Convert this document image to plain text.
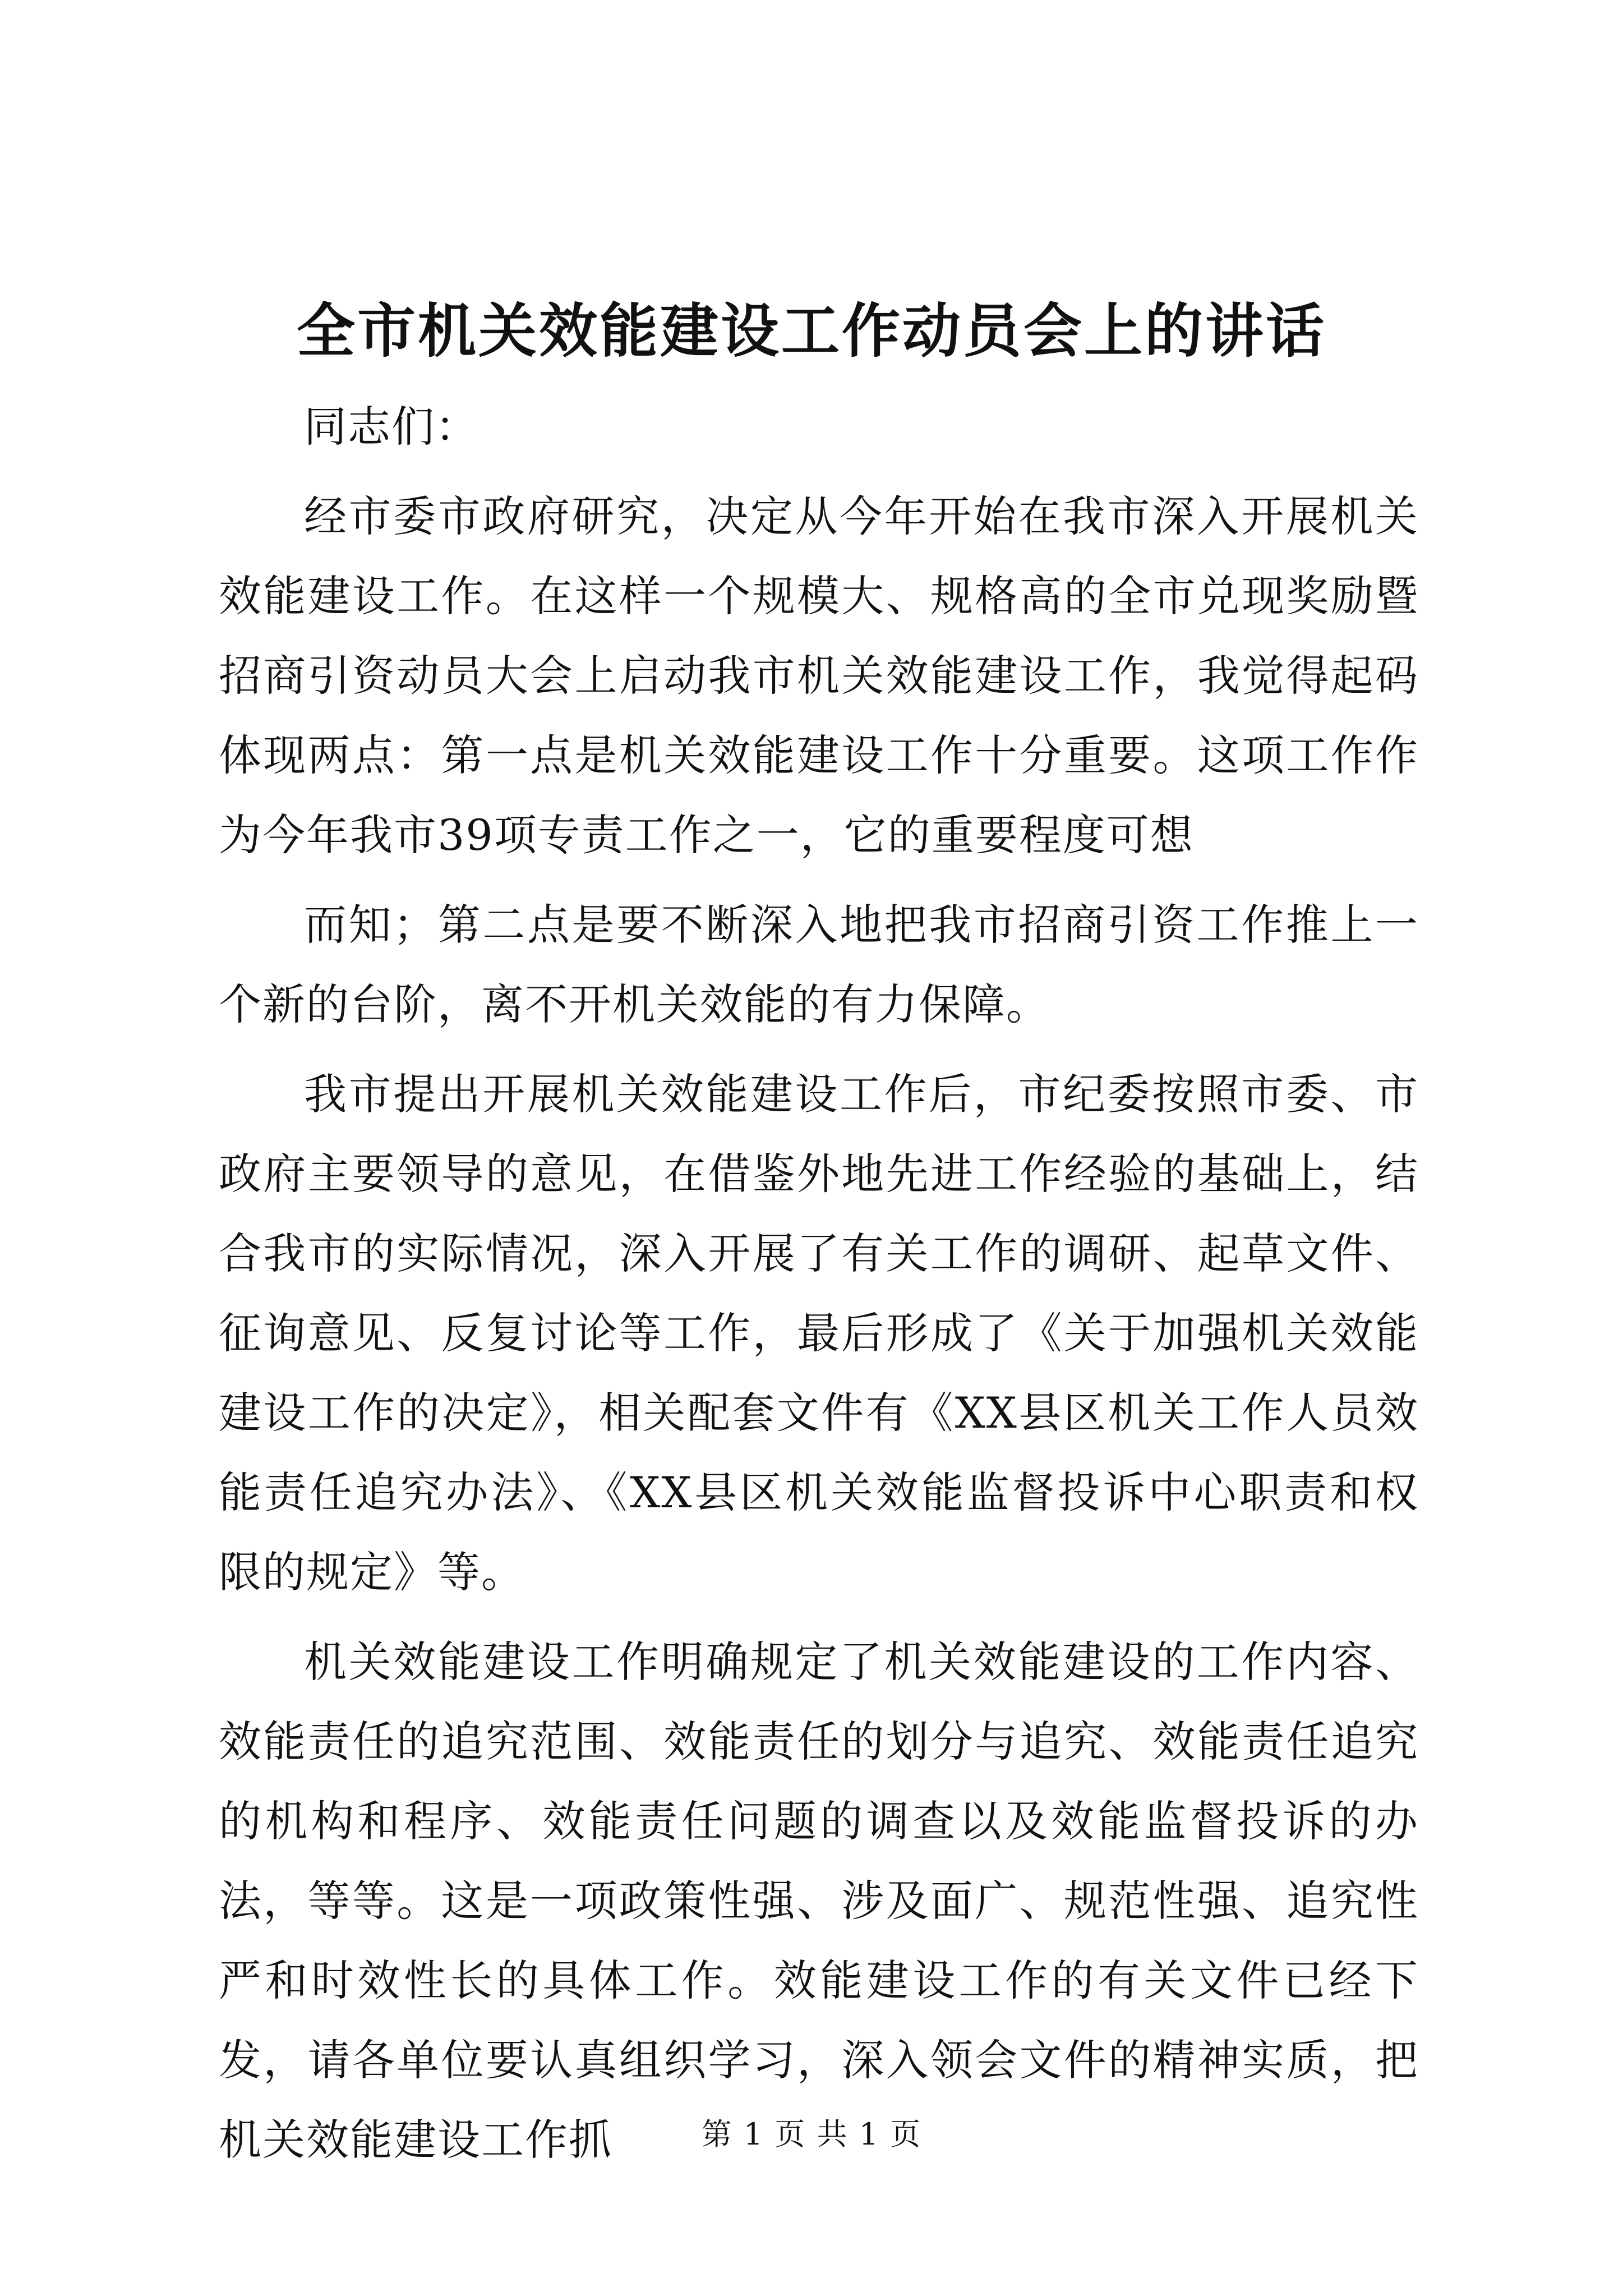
全市机关效能建设工作动员会上的讲话

同志们：

经市委市政府研究，决定从今年开始在我市深入开展机关效能建设工作。在这样一个规模大、规格高的全市兑现奖励暨招商引资动员大会上启动我市机关效能建设工作，我觉得起码体现两点：第一点是机关效能建设工作十分重要。这项工作作为今年我市39项专责工作之一，它的重要程度可想

而知；第二点是要不断深入地把我市招商引资工作推上一个新的台阶，离不开机关效能的有力保障。

我市提出开展机关效能建设工作后，市纪委按照市委、市政府主要领导的意见，在借鉴外地先进工作经验的基础上，结合我市的实际情况，深入开展了有关工作的调研、起草文件、征询意见、反复讨论等工作，最后形成了《关于加强机关效能建设工作的决定》，相关配套文件有《XX县区机关工作人员效能责任追究办法》、《XX县区机关效能监督投诉中心职责和权限的规定》等。

机关效能建设工作明确规定了机关效能建设的工作内容、效能责任的追究范围、效能责任的划分与追究、效能责任追究的机构和程序、效能责任问题的调查以及效能监督投诉的办法，等等。这是一项政策性强、涉及面广、规范性强、追究性严和时效性长的具体工作。效能建设工作的有关文件已经下发，请各单位要认真组织学习，深入领会文件的精神实质，把机关效能建设工作抓	第 1 页 共 1 页
